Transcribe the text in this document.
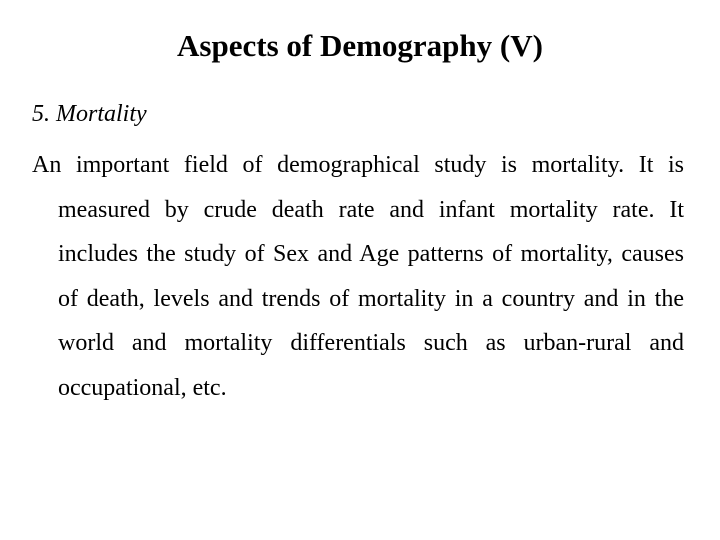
Aspects of Demography (V)
5. Mortality
An important field of demographical study is mortality. It is measured by crude death rate and infant mortality rate. It includes the study of Sex and Age patterns of mortality, causes of death, levels and trends of mortality in a country and in the world and mortality differentials such as urban-rural and occupational, etc.
